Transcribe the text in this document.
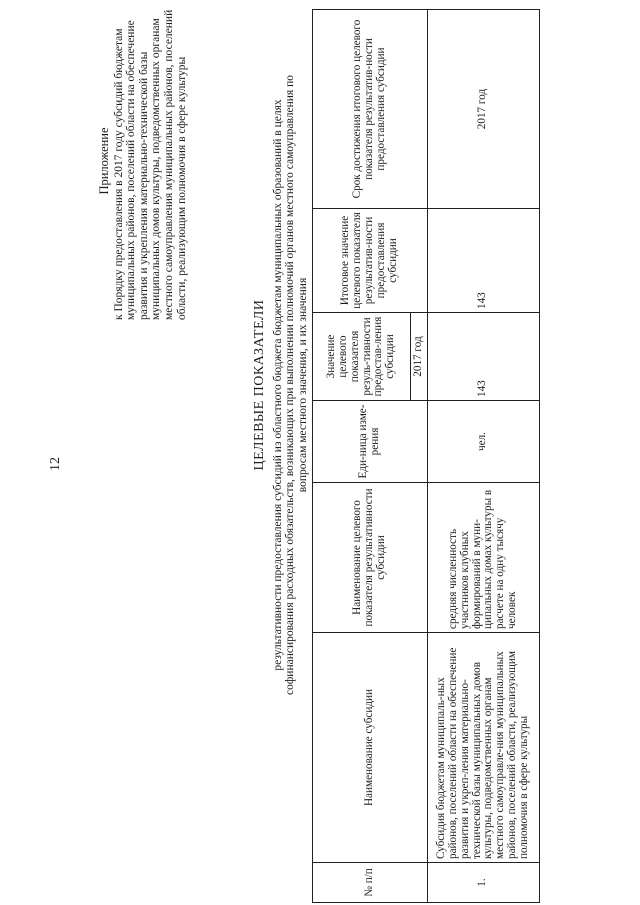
12
Приложение к Порядку предоставления в 2017 году субсидий бюджетам муниципальных районов, поселений области на обеспечение развития и укрепления материально-технической базы муниципальных домов культуры, подведомственных органам местного самоуправления муниципальных районов, поселений области, реализующим полномочия в сфере культуры
ЦЕЛЕВЫЕ ПОКАЗАТЕЛИ результативности предоставления субсидий из областного бюджета бюджетам муниципальных образований в целях софинансирования расходных обязательств, возникающих при выполнении полномочий органов местного самоуправления по вопросам местного значения, и их значения
№ п/п	Наименование субсидии	Наименование целевого показателя результативности субсидии	Еди-ница изме-рения	Значение целевого показателя резуль-тивности предостав-ления субсидии	Итоговое значение целевого показателя результатив-ности предоставления субсидии	Срок достижения итогового целевого показателя результатив-ности предоставления субсидии
				2017 год		
1.	Субсидия бюджетам муниципаль-ных районов, поселений области на обеспечение развития и укреп-ления материально-технической базы муниципальных домов культуры, подведомственных органам местного самоуправле-ния муниципальных районов, поселений области, реализующим полномочия в сфере культуры	средняя численность участников клубных формирований в муни-ципальных домах культуры в расчете на одну тысячу человек	чел.	143	143	2017 год
